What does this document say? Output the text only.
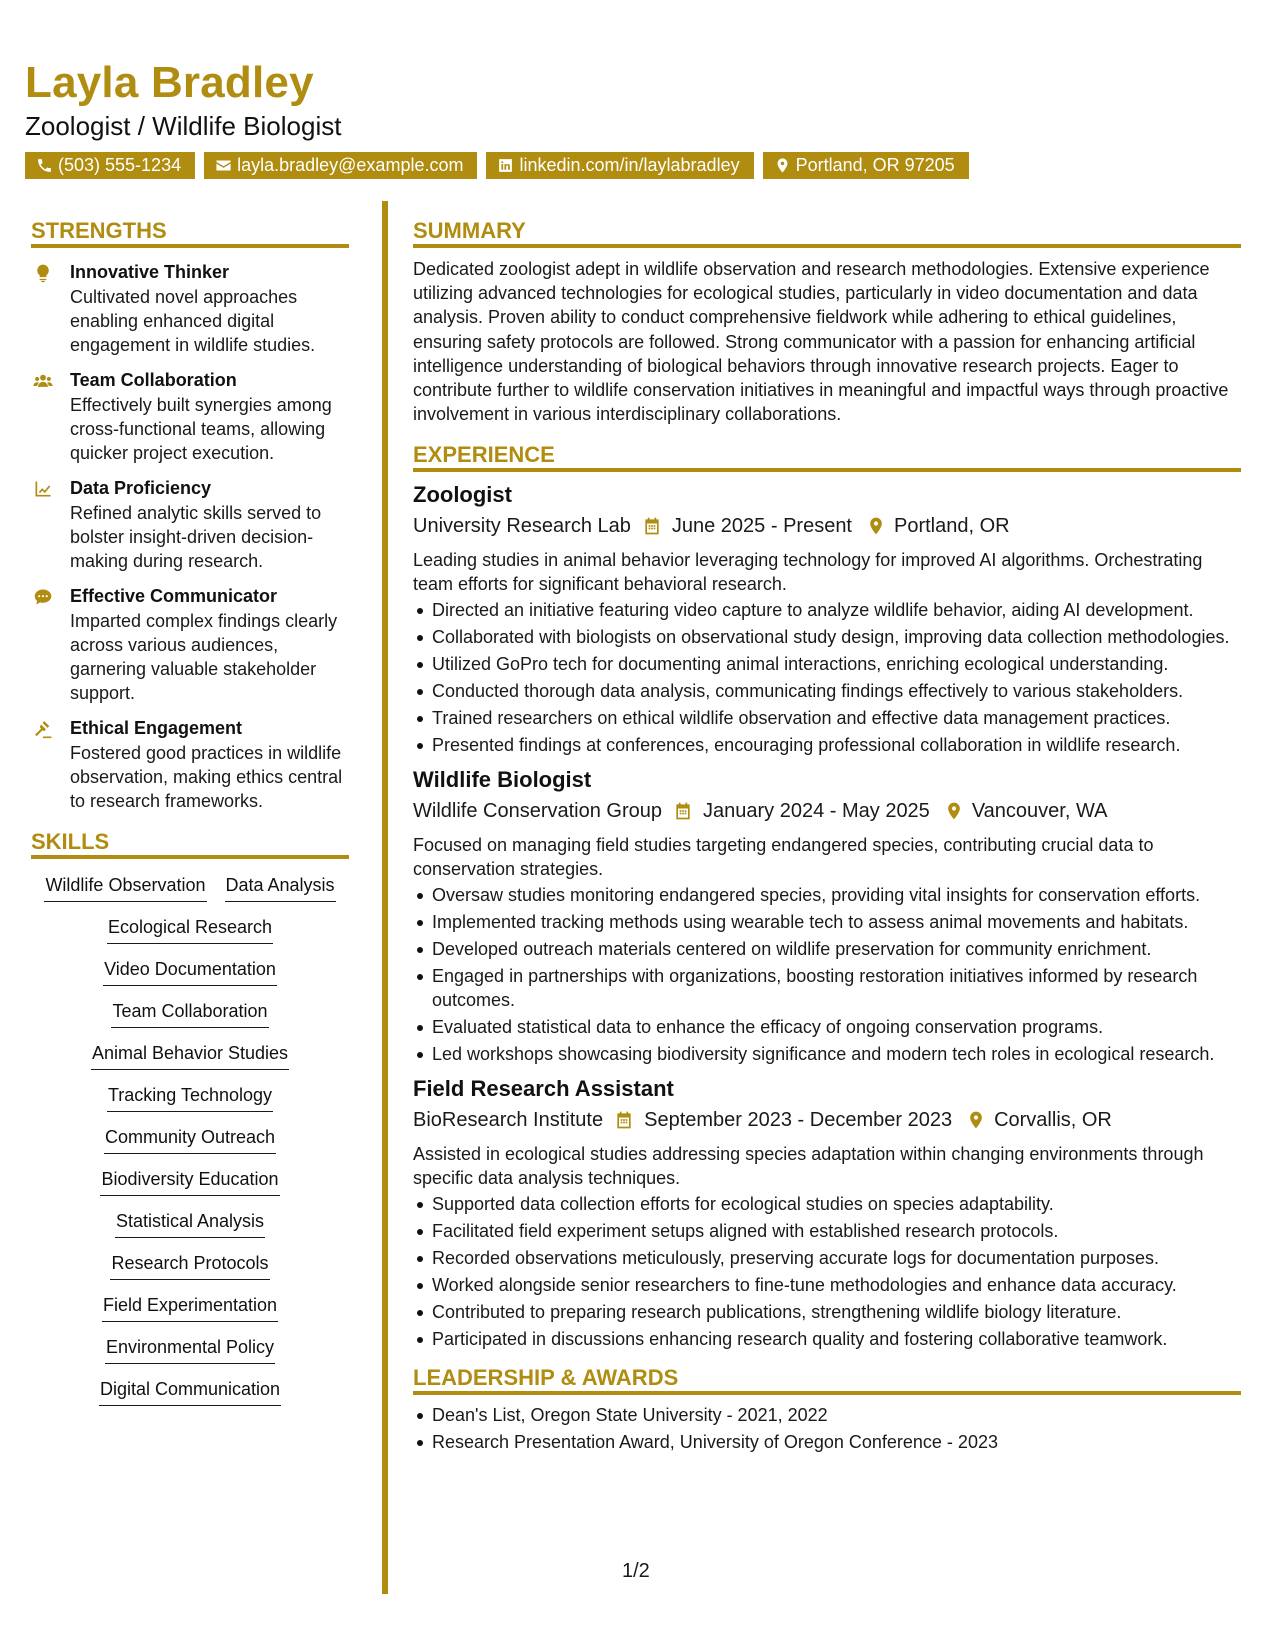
Layla Bradley
Zoologist / Wildlife Biologist
(503) 555-1234	layla.bradley@example.com	linkedin.com/in/laylabradley	Portland, OR 97205
STRENGTHS
Innovative Thinker
Cultivated novel approaches enabling enhanced digital engagement in wildlife studies.
Team Collaboration
Effectively built synergies among cross-functional teams, allowing quicker project execution.
Data Proficiency
Refined analytic skills served to bolster insight-driven decision-making during research.
Effective Communicator
Imparted complex findings clearly across various audiences, garnering valuable stakeholder support.
Ethical Engagement
Fostered good practices in wildlife observation, making ethics central to research frameworks.
SKILLS
Wildlife Observation Data Analysis
Ecological Research
Video Documentation
Team Collaboration
Animal Behavior Studies
Tracking Technology
Community Outreach
Biodiversity Education
Statistical Analysis
Research Protocols
Field Experimentation
Environmental Policy
Digital Communication
SUMMARY

Dedicated zoologist adept in wildlife observation and research methodologies. Extensive experience utilizing advanced technologies for ecological studies, particularly in video documentation and data analysis. Proven ability to conduct comprehensive fieldwork while adhering to ethical guidelines, ensuring safety protocols are followed. Strong communicator with a passion for enhancing artificial intelligence understanding of biological behaviors through innovative research projects. Eager to contribute further to wildlife conservation initiatives in meaningful and impactful ways through proactive involvement in various interdisciplinary collaborations.

EXPERIENCE
Zoologist
University Research Lab June 2025 - Present Portland, OR

Leading studies in animal behavior leveraging technology for improved AI algorithms. Orchestrating team efforts for significant behavioral research.

Directed an initiative featuring video capture to analyze wildlife behavior, aiding AI development.
Collaborated with biologists on observational study design, improving data collection methodologies.
Utilized GoPro tech for documenting animal interactions, enriching ecological understanding.
Conducted thorough data analysis, communicating findings effectively to various stakeholders.
Trained researchers on ethical wildlife observation and effective data management practices.
Presented findings at conferences, encouraging professional collaboration in wildlife research.
Wildlife Biologist
Wildlife Conservation Group January 2024 - May 2025 Vancouver, WA

Focused on managing field studies targeting endangered species, contributing crucial data to conservation strategies.

Oversaw studies monitoring endangered species, providing vital insights for conservation efforts.
Implemented tracking methods using wearable tech to assess animal movements and habitats.
Developed outreach materials centered on wildlife preservation for community enrichment.
Engaged in partnerships with organizations, boosting restoration initiatives informed by research outcomes.
Evaluated statistical data to enhance the efficacy of ongoing conservation programs.
Led workshops showcasing biodiversity significance and modern tech roles in ecological research.
Field Research Assistant
BioResearch Institute September 2023 - December 2023 Corvallis, OR

Assisted in ecological studies addressing species adaptation within changing environments through specific data analysis techniques.

Supported data collection efforts for ecological studies on species adaptability.
Facilitated field experiment setups aligned with established research protocols.
Recorded observations meticulously, preserving accurate logs for documentation purposes.
Worked alongside senior researchers to fine-tune methodologies and enhance data accuracy.
Contributed to preparing research publications, strengthening wildlife biology literature.
Participated in discussions enhancing research quality and fostering collaborative teamwork.
LEADERSHIP & AWARDS
Dean's List, Oregon State University - 2021, 2022
Research Presentation Award, University of Oregon Conference - 2023
1/2
